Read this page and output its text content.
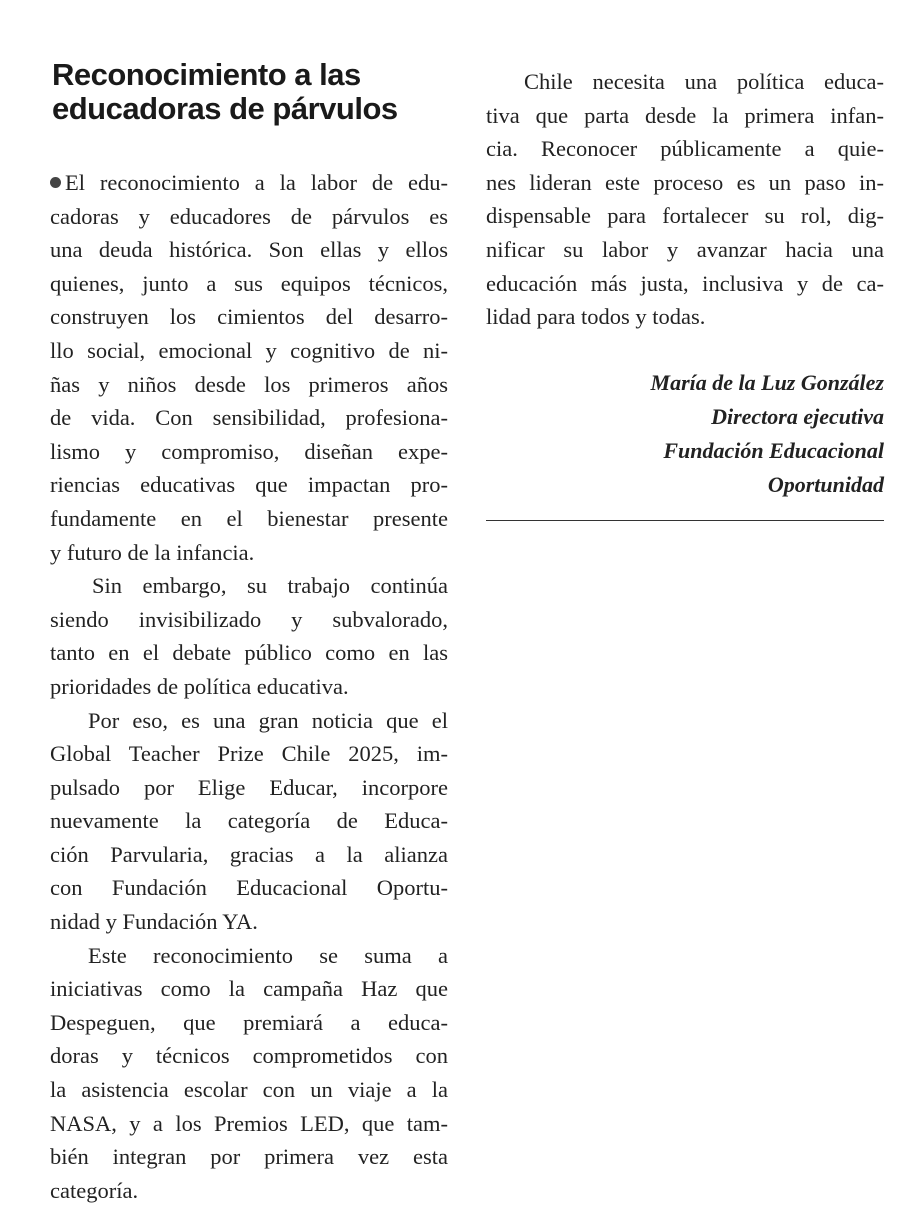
Reconocimiento a las
educadoras de párvulos
El reconocimiento a la labor de edu-
cadoras y educadores de párvulos es
una deuda histórica. Son ellas y ellos
quienes, junto a sus equipos técnicos,
construyen los cimientos del desarro-
llo social, emocional y cognitivo de ni-
ñas y niños desde los primeros años
de vida. Con sensibilidad, profesiona-
lismo y compromiso, diseñan expe-
riencias educativas que impactan pro-
fundamente en el bienestar presente
y futuro de la infancia.
Sin embargo, su trabajo continúa
siendo invisibilizado y subvalorado,
tanto en el debate público como en las
prioridades de política educativa.
Por eso, es una gran noticia que el
Global Teacher Prize Chile 2025, im-
pulsado por Elige Educar, incorpore
nuevamente la categoría de Educa-
ción Parvularia, gracias a la alianza
con Fundación Educacional Oportu-
nidad y Fundación YA.
Este reconocimiento se suma a
iniciativas como la campaña Haz que
Despeguen, que premiará a educa-
doras y técnicos comprometidos con
la asistencia escolar con un viaje a la
NASA, y a los Premios LED, que tam-
bién integran por primera vez esta
categoría.
Chile necesita una política educa-
tiva que parta desde la primera infan-
cia. Reconocer públicamente a quie-
nes lideran este proceso es un paso in-
dispensable para fortalecer su rol, dig-
nificar su labor y avanzar hacia una
educación más justa, inclusiva y de ca-
lidad para todos y todas.
María de la Luz González
Directora ejecutiva
Fundación Educacional
Oportunidad
